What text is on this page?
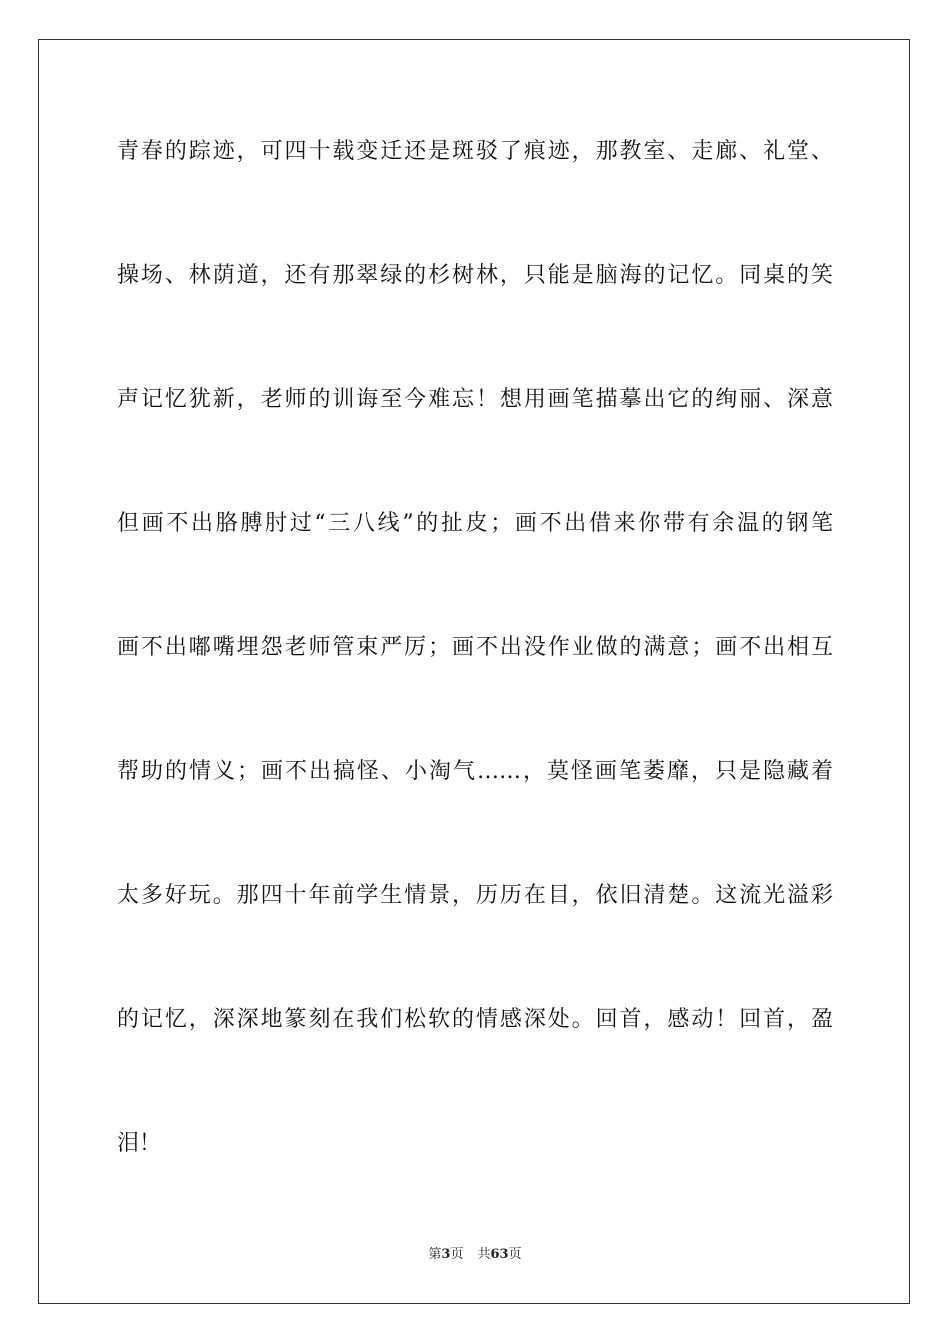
青春的踪迹，可四十载变迁还是斑驳了痕迹，那教室、走廊、礼堂、
操场、林荫道，还有那翠绿的杉树林，只能是脑海的记忆。同桌的笑
声记忆犹新，老师的训诲至今难忘！想用画笔描摹出它的绚丽、深意
但画不出胳膊肘过“三八线”的扯皮；画不出借来你带有余温的钢笔
画不出嘟嘴埋怨老师管束严厉；画不出没作业做的满意；画不出相互
帮助的情义；画不出搞怪、小淘气……，莫怪画笔萎靡，只是隐藏着
太多好玩。那四十年前学生情景，历历在目，依旧清楚。这流光溢彩
的记忆，深深地篆刻在我们松软的情感深处。回首，感动！回首，盈
泪！
第3页 共63页
